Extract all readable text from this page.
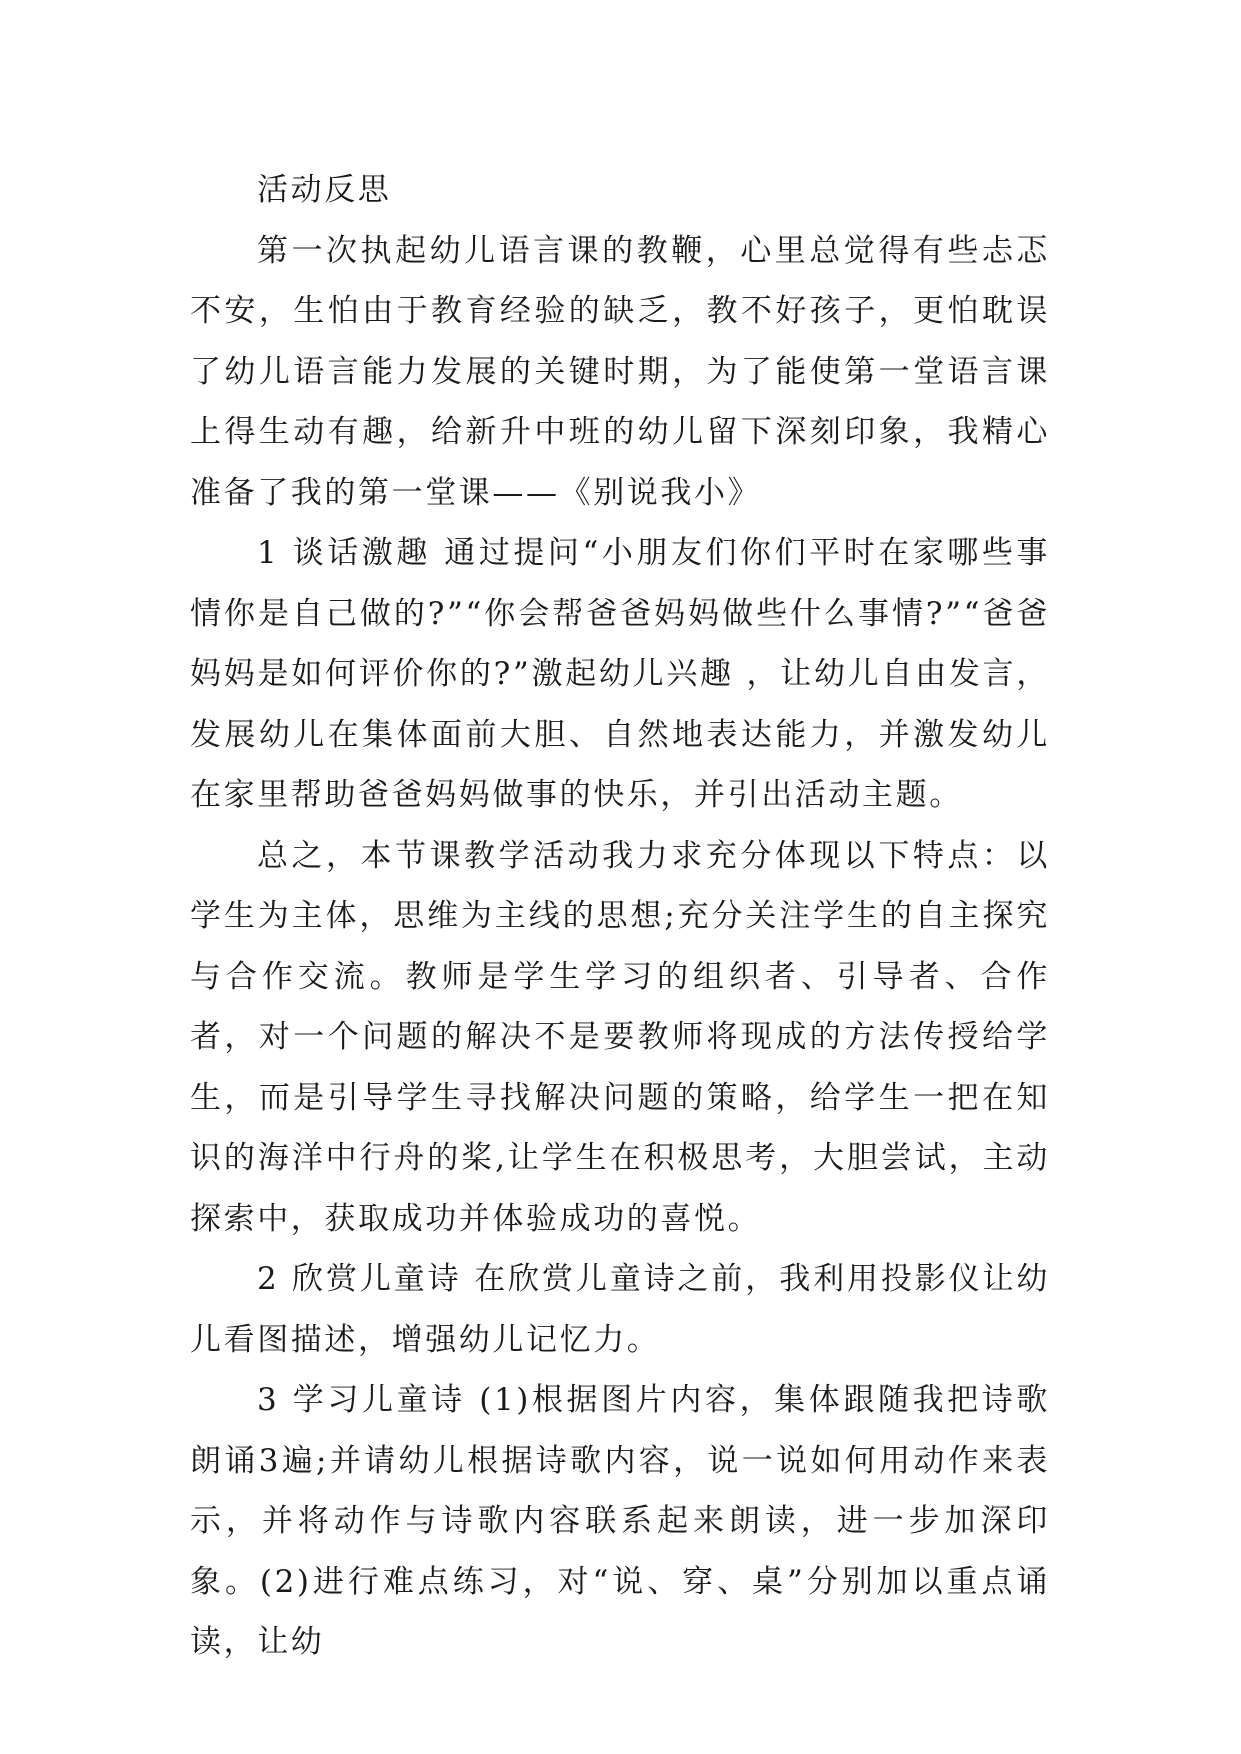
活动反思

第一次执起幼儿语言课的教鞭，心里总觉得有些忐忑不安，生怕由于教育经验的缺乏，教不好孩子，更怕耽误了幼儿语言能力发展的关键时期，为了能使第一堂语言课上得生动有趣，给新升中班的幼儿留下深刻印象，我精心准备了我的第一堂课——《别说我小》

1 谈话激趣 通过提问“小朋友们你们平时在家哪些事情你是自己做的?”“你会帮爸爸妈妈做些什么事情?”“爸爸妈妈是如何评价你的?”激起幼儿兴趣 ，让幼儿自由发言，发展幼儿在集体面前大胆、自然地表达能力，并激发幼儿在家里帮助爸爸妈妈做事的快乐，并引出活动主题。

总之，本节课教学活动我力求充分体现以下特点：以学生为主体，思维为主线的思想;充分关注学生的自主探究与合作交流。教师是学生学习的组织者、引导者、合作者，对一个问题的解决不是要教师将现成的方法传授给学生，而是引导学生寻找解决问题的策略，给学生一把在知识的海洋中行舟的桨,让学生在积极思考，大胆尝试，主动探索中，获取成功并体验成功的喜悦。

2 欣赏儿童诗 在欣赏儿童诗之前，我利用投影仪让幼儿看图描述，增强幼儿记忆力。

3 学习儿童诗 (1)根据图片内容，集体跟随我把诗歌朗诵3遍;并请幼儿根据诗歌内容，说一说如何用动作来表示，并将动作与诗歌内容联系起来朗读，进一步加深印象。(2)进行难点练习，对“说、穿、桌”分别加以重点诵读，让幼
